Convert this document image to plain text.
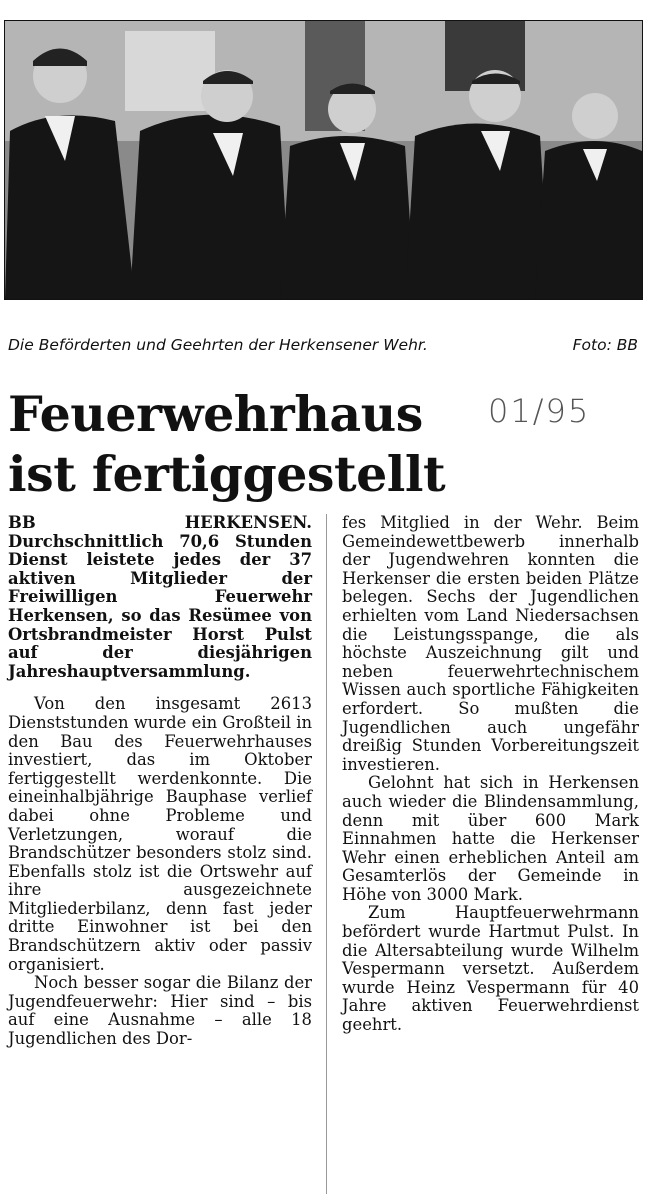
Die Beförderten und Geehrten der Herkensener Wehr.	Foto: BB
Feuerwehrhaus
ist fertiggestellt
01/95

BB HERKENSEN. Durchschnittlich 70,6 Stunden Dienst leistete jedes der 37 aktiven Mitglieder der Freiwilligen Feuerwehr Herkensen, so das Resümee von Ortsbrandmeister Horst Pulst auf der diesjährigen Jahreshauptversammlung.

Von den insgesamt 2613 Dienststunden wurde ein Großteil in den Bau des Feuerwehrhauses investiert, das im Oktober fertiggestellt werdenkonnte. Die eineinhalbjährige Bauphase verlief dabei ohne Probleme und Verletzungen, worauf die Brandschützer besonders stolz sind. Ebenfalls stolz ist die Ortswehr auf ihre ausgezeichnete Mitgliederbilanz, denn fast jeder dritte Einwohner ist bei den Brandschützern aktiv oder passiv organisiert.

Noch besser sogar die Bilanz der Jugendfeuerwehr: Hier sind – bis auf eine Ausnahme – alle 18 Jugendlichen des Dor-

fes Mitglied in der Wehr. Beim Gemeindewettbewerb innerhalb der Jugendwehren konnten die Herkenser die ersten beiden Plätze belegen. Sechs der Jugendlichen erhielten vom Land Niedersachsen die Leistungsspange, die als höchste Auszeichnung gilt und neben feuerwehrtechnischem Wissen auch sportliche Fähigkeiten erfordert. So mußten die Jugendlichen auch ungefähr dreißig Stunden Vorbereitungszeit investieren.

Gelohnt hat sich in Herkensen auch wieder die Blindensammlung, denn mit über 600 Mark Einnahmen hatte die Herkenser Wehr einen erheblichen Anteil am Gesamterlös der Gemeinde in Höhe von 3000 Mark.

Zum Hauptfeuerwehrmann befördert wurde Hartmut Pulst. In die Altersabteilung wurde Wilhelm Vespermann versetzt. Außerdem wurde Heinz Vespermann für 40 Jahre aktiven Feuerwehrdienst geehrt.
